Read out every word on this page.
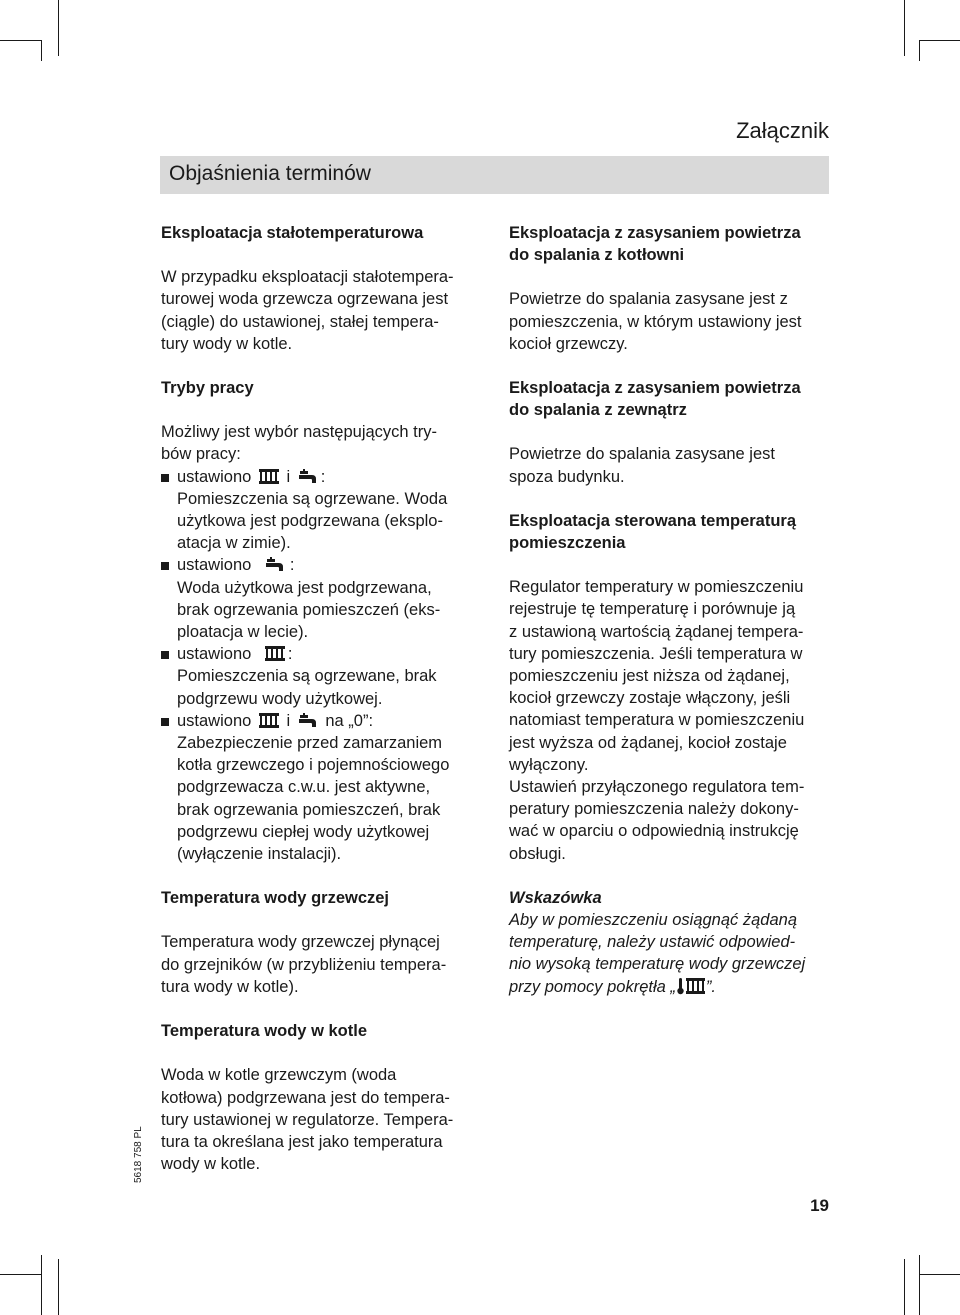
Załącznik
Objaśnienia terminów

Eksploatacja stałotemperaturowa

W przypadku eksploatacji stałotempera-

turowej woda grzewcza ogrzewana jest

(ciągle) do ustawionej, stałej tempera-

tury wody w kotle.

Tryby pracy

Możliwy jest wybór następujących try-

bów pracy:

ustawiono i :

Pomieszczenia są ogrzewane. Woda

użytkowa jest podgrzewana (eksplo-

atacja w zimie).

ustawiono :

Woda użytkowa jest podgrzewana,

brak ogrzewania pomieszczeń (eks-

ploatacja w lecie).

ustawiono :

Pomieszczenia są ogrzewane, brak

podgrzewu wody użytkowej.

ustawiono i na „0”:

Zabezpieczenie przed zamarzaniem

kotła grzewczego i pojemnościowego

podgrzewacza c.w.u. jest aktywne,

brak ogrzewania pomieszczeń, brak

podgrzewu ciepłej wody użytkowej

(wyłączenie instalacji).

Temperatura wody grzewczej

Temperatura wody grzewczej płynącej

do grzejników (w przybliżeniu tempera-

tura wody w kotle).

Temperatura wody w kotle

Woda w kotle grzewczym (woda

kotłowa) podgrzewana jest do tempera-

tury ustawionej w regulatorze. Tempera-

tura ta określana jest jako temperatura

wody w kotle.

Eksploatacja z zasysaniem powietrza

do spalania z kotłowni

Powietrze do spalania zasysane jest z

pomieszczenia, w którym ustawiony jest

kocioł grzewczy.

Eksploatacja z zasysaniem powietrza

do spalania z zewnątrz

Powietrze do spalania zasysane jest

spoza budynku.

Eksploatacja sterowana temperaturą

pomieszczenia

Regulator temperatury w pomieszczeniu

rejestruje tę temperaturę i porównuje ją

z ustawioną wartością żądanej tempera-

tury pomieszczenia. Jeśli temperatura w

pomieszczeniu jest niższa od żądanej,

kocioł grzewczy zostaje włączony, jeśli

natomiast temperatura w pomieszczeniu

jest wyższa od żądanej, kocioł zostaje

wyłączony.

Ustawień przyłączonego regulatora tem-

peratury pomieszczenia należy dokony-

wać w oparciu o odpowiednią instrukcję

obsługi.

Wskazówka

Aby w pomieszczeniu osiągnąć żądaną

temperaturę, należy ustawić odpowied-

nio wysoką temperaturę wody grzewczej

przy pomocy pokrętła „ ”.

5618 758 PL
19
